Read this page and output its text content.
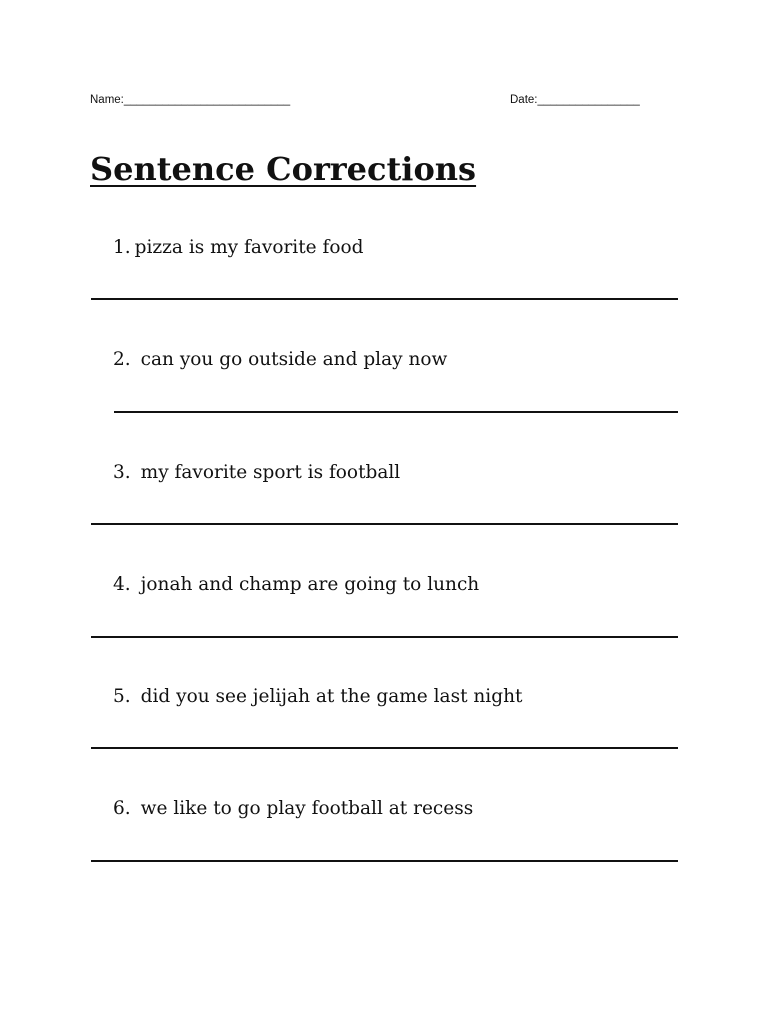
Name:__________________________	Date:________________
Sentence Corrections
1. pizza is my favorite food
2. can you go outside and play now
3. my favorite sport is football
4. jonah and champ are going to lunch
5. did you see jelijah at the game last night
6. we like to go play football at recess
